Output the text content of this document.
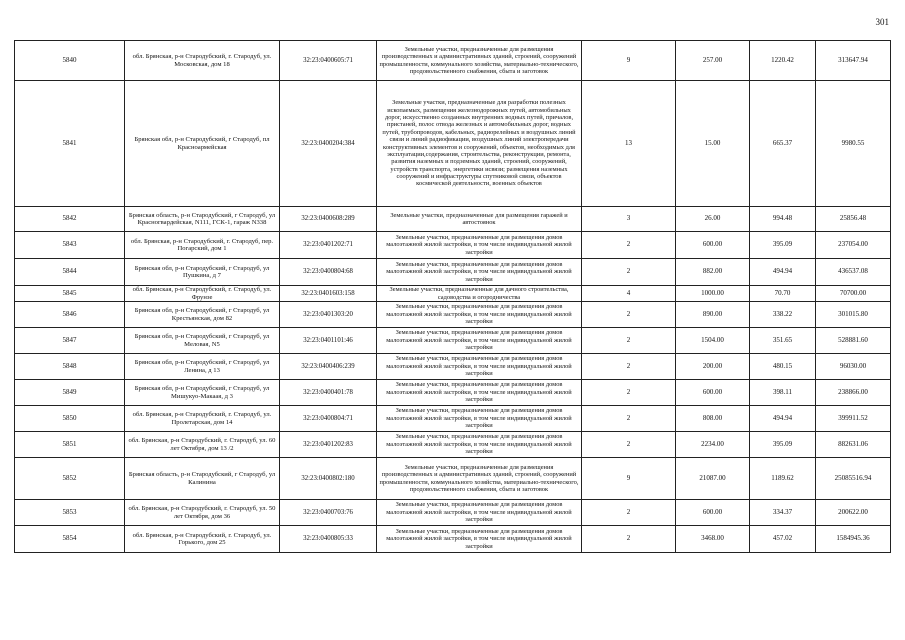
301
5840	обл. Брянская, р-н Стародубский, г. Стародуб, ул. Московская, дом 18	32:23:0400605:71	Земельные участки, предназначенные для размещения производственных и административных зданий, строений, сооружений промышленности, коммунального хозяйства, материально-технического, продовольственного снабжения, сбыта и заготовок	9	257.00	1220.42	313647.94
5841	Брянская обл, р-н Стародубский, г Стародуб, пл Красноармейская	32:23:0400204:384	Земельные участки, предназначенные для разработки полезных ископаемых, размещения железнодорожных путей, автомобильных дорог, искусственно созданных внутренних водных путей, причалов, пристаней, полос отвода железных и автомобильных дорог, водных путей, трубопроводов, кабельных, радиорелейных и воздушных линий связи и линий радиофикации, воздушных линий электропередачи конструктивных элементов и сооружений, объектов, необходимых для эксплуатации,содержания, строительства, реконструкции, ремонта, развития наземных и подземных зданий, строений, сооружений, устройств транспорта, энергетики исвязи; размещения наземных сооружений и инфраструктуры спутниковой связи, объектов космической деятельности, военных объектов	13	15.00	665.37	9980.55
5842	Брянская область, р-н Стародубский, г Стародуб, ул Красногвардейская, N111, ГСК-1, гараж N338	32:23:0400608:289	Земельные участки, предназначенные для размещения гаражей и автостоянок	3	26.00	994.48	25856.48
5843	обл. Брянская, р-н Стародубский, г. Стародуб, пер. Погарский, дом 1	32:23:0401202:71	Земельные участки, предназначенные для размещения домов малоэтажной жилой застройки, в том числе индивидуальной жилой застройки	2	600.00	395.09	237054.00
5844	Брянская обл, р-н Стародубский, г Стародуб, ул Пушкина, д 7	32:23:0400804:68	Земельные участки, предназначенные для размещения домов малоэтажной жилой застройки, в том числе индивидуальной жилой застройки	2	882.00	494.94	436537.08
5845	обл. Брянская, р-н Стародубский, г. Стародуб, ул. Фрунзе	32:23:0401603:158	Земельные участки, предназначенные для дачного строительства, садоводства и огородничества	4	1000.00	70.70	70700.00
5846	Брянская обл, р-н Стародубский, г Стародуб, ул Крестьянская, дом 82	32:23:0401303:20	Земельные участки, предназначенные для размещения домов малоэтажной жилой застройки, в том числе индивидуальной жилой застройки	2	890.00	338.22	301015.80
5847	Брянская обл, р-н Стародубский, г Стародуб, ул Меловая, N5	32:23:0401101:46	Земельные участки, предназначенные для размещения домов малоэтажной жилой застройки, в том числе индивидуальной жилой застройки	2	1504.00	351.65	528881.60
5848	Брянская обл, р-н Стародубский, г Стародуб, ул Ленина, д 13	32:23:0400406:239	Земельные участки, предназначенные для размещения домов малоэтажной жилой застройки, в том числе индивидуальной жилой застройки	2	200.00	480.15	96030.00
5849	Брянская обл, р-н Стародубский, г Стародуб, ул Мишукуо-Макаая, д 3	32:23:0400401:78	Земельные участки, предназначенные для размещения домов малоэтажной жилой застройки, в том числе индивидуальной жилой застройки	2	600.00	398.11	238866.00
5850	обл. Брянская, р-н Стародубский, г. Стародуб, ул. Пролетарская, дом 14	32:23:0400804:71	Земельные участки, предназначенные для размещения домов малоэтажной жилой застройки, в том числе индивидуальной жилой застройки	2	808.00	494.94	399911.52
5851	обл. Брянская, р-н Стародубский, г. Стародуб, ул. 60 лет Октября, дом 13 /2	32:23:0401202:83	Земельные участки, предназначенные для размещения домов малоэтажной жилой застройки, в том числе индивидуальной жилой застройки	2	2234.00	395.09	882631.06
5852	Брянская область, р-н Стародубский, г Стародуб, ул Калинина	32:23:0400802:180	Земельные участки, предназначенные для размещения производственных и административных зданий, строений, сооружений промышленности, коммунального хозяйства, материально-технического, продовольственного снабжения, сбыта и заготовок	9	21087.00	1189.62	25085516.94
5853	обл. Брянская, р-н Стародубский, г. Стародуб, ул. 50 лет Октября, дом 36	32:23:0400703:76	Земельные участки, предназначенные для размещения домов малоэтажной жилой застройки, в том числе индивидуальной жилой застройки	2	600.00	334.37	200622.00
5854	обл. Брянская, р-н Стародубский, г. Стародуб, ул. Горького, дом 25	32:23:0400805:33	Земельные участки, предназначенные для размещения домов малоэтажной жилой застройки, в том числе индивидуальной жилой застройки	2	3468.00	457.02	1584945.36
